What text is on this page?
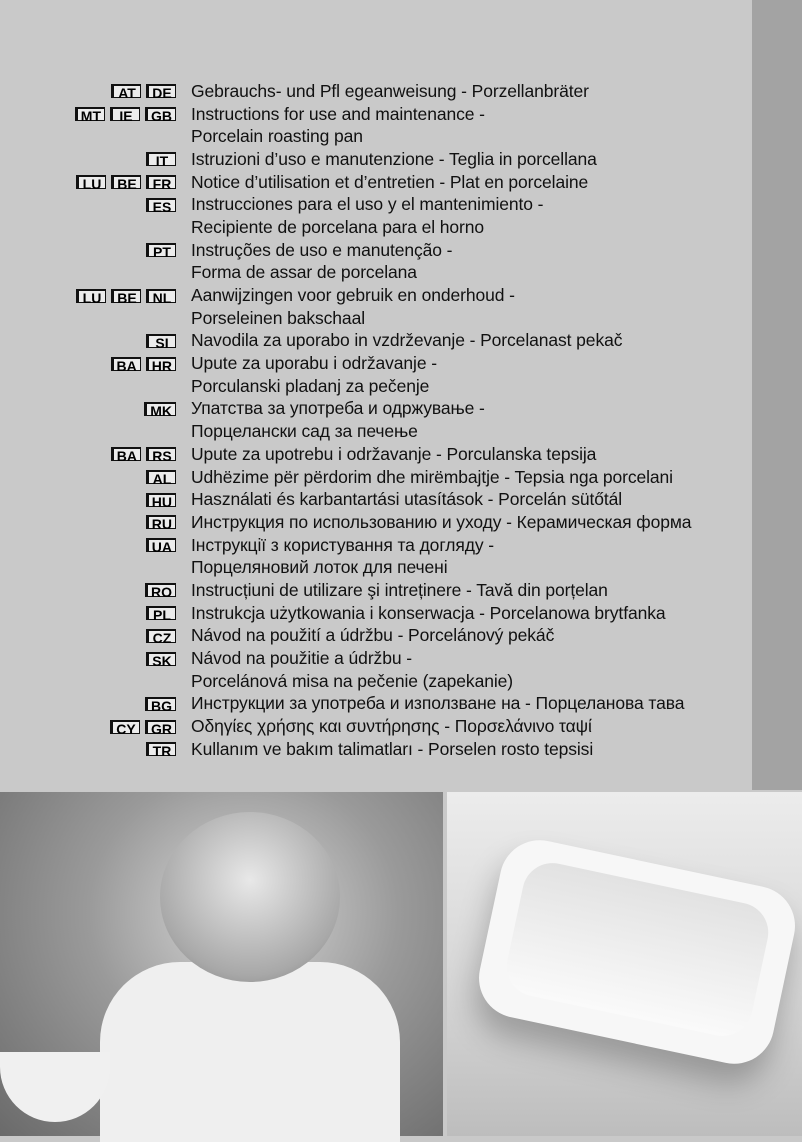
AT	DE Gebrauchs- und Pfl egeanweisung - Porzellanbräter
MT	IE	GB Instructions for use and maintenance -
Porcelain roasting pan
IT	Istruzioni d’uso e manutenzione - Teglia in porcellana
LU	BE	FR Notice d’utilisation et d’entretien - Plat en porcelaine
ES Instrucciones para el uso y el mantenimiento -
Recipiente de porcelana para el horno
PT Instruções de uso e manutenção -
Forma de assar de porcelana
LU	BE	NL Aanwijzingen voor gebruik en onderhoud -
Porseleinen bakschaal
SI	Navodila za uporabo in vzdrževanje - Porcelanast pekač
BA	HR Upute za uporabu i održavanje -
Porculanski pladanj za pečenje
MK Упатства за употреба и одржување -
Порцелански сад за печење
BA	RS Upute za upotrebu i održavanje - Porculanska tepsija
AL Udhëzime për përdorim dhe mirëmbajtje - Tepsia nga porcelani
HU Használati és karbantartási utasítások - Porcelán sütőtál
RU Инструкция по использованию и уходу - Керамическая форма
UA Інструкції з користування та догляду -
Порцеляновий лоток для печені
RO Instrucțiuni de utilizare şi intreținere - Tavă din porțelan
PL Instrukcja użytkowania i konserwacja - Porcelanowa brytfanka
CZ Návod na použití a údržbu - Porcelánový pekáč
SK Návod na použitie a údržbu -
Porcelánová misa na pečenie (zapekanie)
BG Инструкции за употреба и използване на - Порцеланова тава
CY	GR Οδηγίες χρήσης και συντήρησης - Πορσελάνινο ταψί
TR Kullanım ve bakım talimatları - Porselen rosto tepsisi
